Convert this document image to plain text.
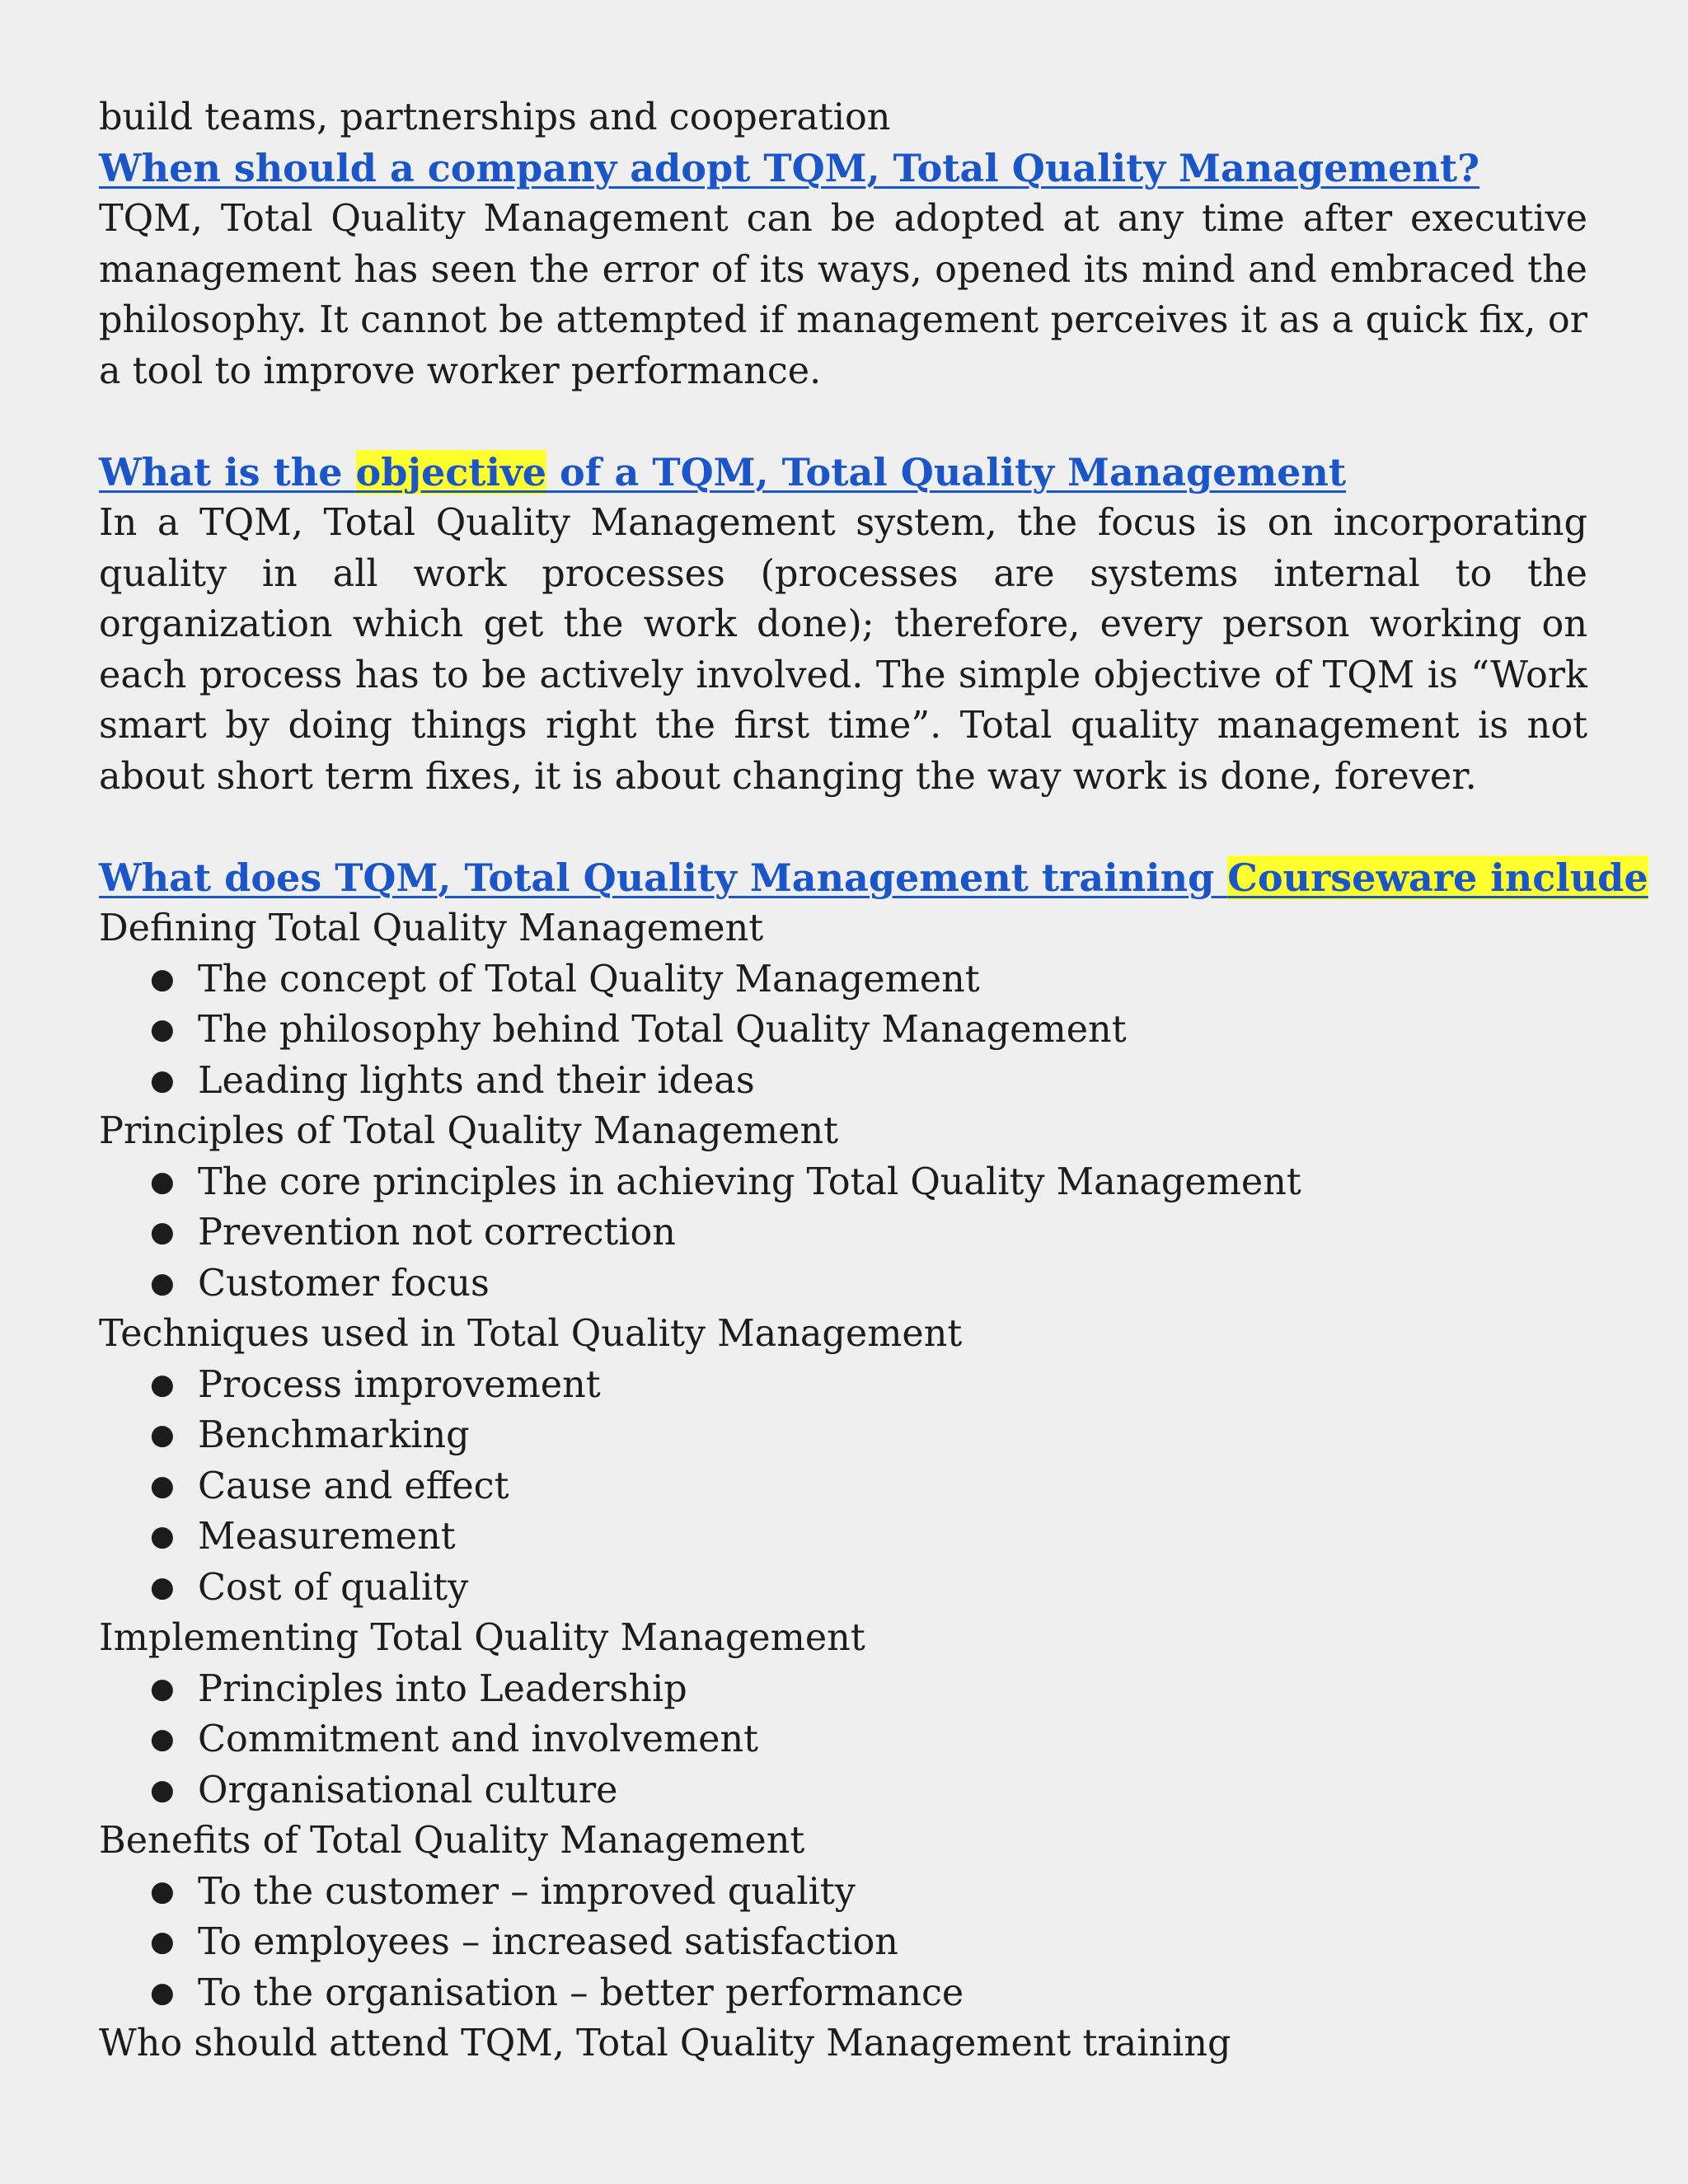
build teams, partnerships and cooperation

When should a company adopt TQM, Total Quality Management?

TQM, Total Quality Management can be adopted at any time after executive management has seen the error of its ways, opened its mind and embraced the philosophy. It cannot be attempted if management perceives it as a quick fix, or a tool to improve worker performance.

What is the objective of a TQM, Total Quality Management

In a TQM, Total Quality Management system, the focus is on incorporating quality in all work processes (processes are systems internal to the organization which get the work done); therefore, every person working on each process has to be actively involved. The simple objective of TQM is “Work smart by doing things right the first time”. Total quality management is not about short term fixes, it is about changing the way work is done, forever.

What does TQM, Total Quality Management training Courseware include

Defining Total Quality Management

● The concept of Total Quality Management
● The philosophy behind Total Quality Management
● Leading lights and their ideas

Principles of Total Quality Management

● The core principles in achieving Total Quality Management
● Prevention not correction
● Customer focus

Techniques used in Total Quality Management

● Process improvement
● Benchmarking
● Cause and effect
● Measurement
● Cost of quality

Implementing Total Quality Management

● Principles into Leadership
● Commitment and involvement
● Organisational culture

Benefits of Total Quality Management

● To the customer – improved quality
● To employees – increased satisfaction
● To the organisation – better performance

Who should attend TQM, Total Quality Management training
